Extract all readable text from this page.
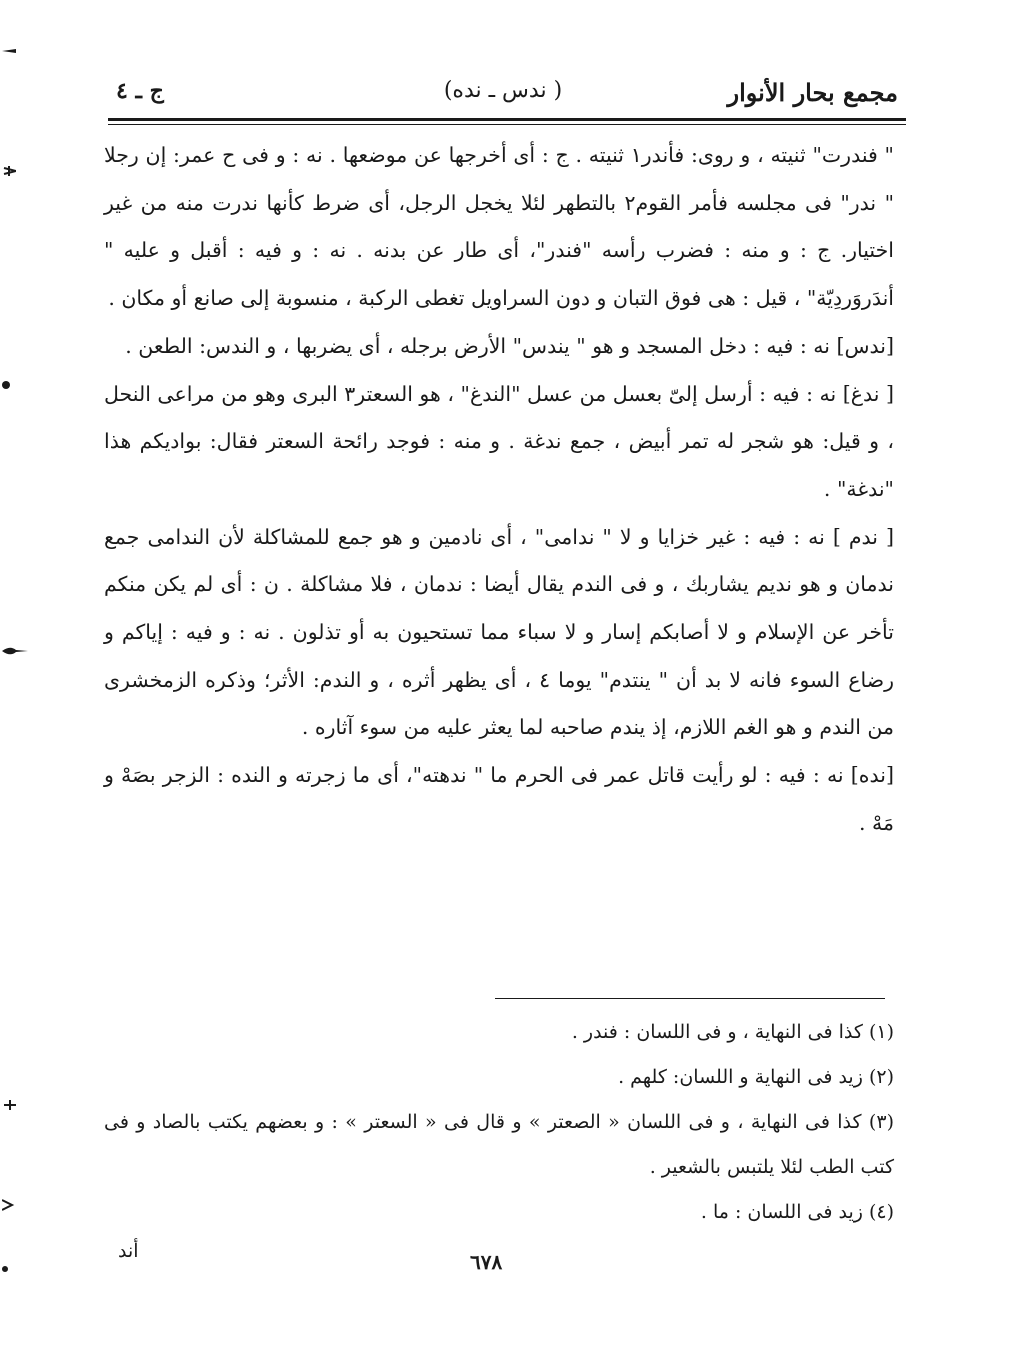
مجمع بحار الأنوار
( ندس ـ نده)
ج ـ ٤

" فندرت" ثنيته ، و روى: فأندر١ ثنيته . ج : أى أخرجها عن موضعها . نه : و فى ح عمر: إن رجلا " ندر" فى مجلسه فأمر القوم٢ بالتطهر لئلا يخجل الرجل، أى ضرط كأنها ندرت منه من غير اختيار. ج : و منه : فضرب رأسه "فندر"، أى طار عن بدنه . نه : و فيه : أقبل و عليه " أندَروَردِيّة" ، قيل : هى فوق التبان و دون السراويل تغطى الركبة ، منسوبة إلى صانع أو مكان .

[ندس] نه : فيه : دخل المسجد و هو " يندس" الأرض برجله ، أى يضربها ، و الندس: الطعن .

[ ندغ] نه : فيه : أرسل إلىّ بعسل من عسل "الندغ" ، هو السعتر٣ البرى وهو من مراعى النحل ، و قيل: هو شجر له تمر أبيض ، جمع ندغة . و منه : فوجد رائحة السعتر فقال: بواديكم هذا "ندغة" .

[ ندم ] نه : فيه : غير خزايا و لا " ندامى" ، أى نادمين و هو جمع للمشاكلة لأن الندامى جمع ندمان و هو نديم يشاربك ، و فى الندم يقال أيضا : ندمان ، فلا مشاكلة . ن : أى لم يكن منكم تأخر عن الإسلام و لا أصابكم إسار و لا سباء مما تستحيون به أو تذلون . نه : و فيه : إياكم و رضاع السوء فانه لا بد أن " ينتدم" يوما ٤ ، أى يظهر أثره ، و الندم: الأثر؛ وذكره الزمخشرى من الندم و هو الغم اللازم، إذ يندم صاحبه لما يعثر عليه من سوء آثاره .

[نده] نه : فيه : لو رأيت قاتل عمر فى الحرم ما " ندهته"، أى ما زجرته و النده : الزجر بصَهْ و مَهْ .

(١) كذا فى النهاية ، و فى اللسان : فندر .

(٢) زيد فى النهاية و اللسان: كلهم .

(٣) كذا فى النهاية ، و فى اللسان « الصعتر » و قال فى « السعتر » : و بعضهم يكتب بالصاد و فى كتب الطب لئلا يلتبس بالشعير .

(٤) زيد فى اللسان : ما .

أند	٦٧٨
